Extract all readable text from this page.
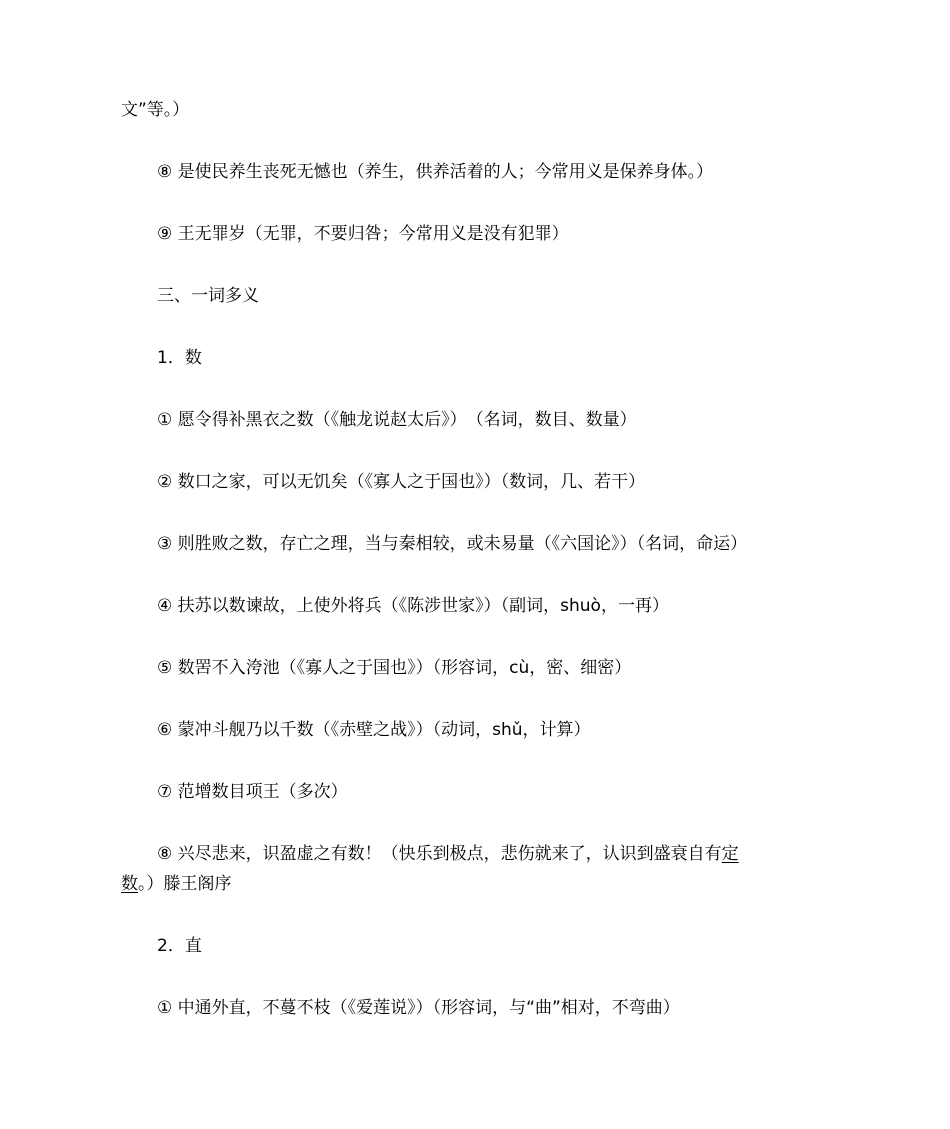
文”等。）

⑧ 是使民养生丧死无憾也（养生，供养活着的人；今常用义是保养身体。）

⑨ 王无罪岁（无罪，不要归咎；今常用义是没有犯罪）

三、一词多义

1．数

① 愿令得补黑衣之数（《触龙说赵太后》）　（名词，数目、数量）

② 数口之家，可以无饥矣（《寡人之于国也》）（数词，几、若干）

③ 则胜败之数，存亡之理，当与秦相较，或未易量（《六国论》）（名词，命运）

④ 扶苏以数谏故，上使外将兵（《陈涉世家》）（副词，shuò，一再）

⑤ 数罟不入洿池（《寡人之于国也》）（形容词，cù，密、细密）

⑥ 蒙冲斗舰乃以千数（《赤壁之战》）（动词，shǔ，计算）

⑦ 范增数目项王（多次）

⑧ 兴尽悲来，识盈虚之有数！（快乐到极点，悲伤就来了，认识到盛衰自有定

数。）滕王阁序

2．直

① 中通外直，不蔓不枝（《爱莲说》）（形容词，与“曲”相对，不弯曲）
